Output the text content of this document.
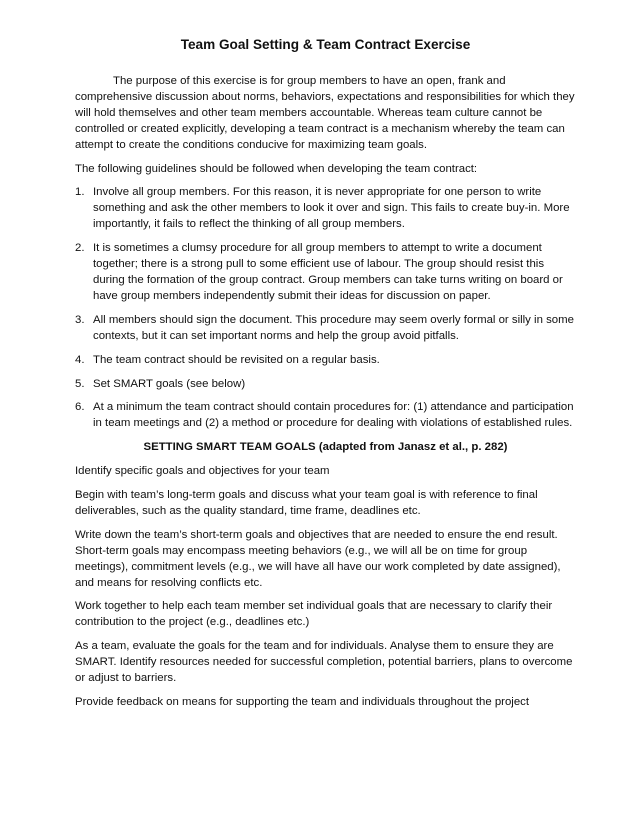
Team Goal Setting & Team Contract Exercise

The purpose of this exercise is for group members to have an open, frank and comprehensive discussion about norms, behaviors, expectations and responsibilities for which they will hold themselves and other team members accountable. Whereas team culture cannot be controlled or created explicitly, developing a team contract is a mechanism whereby the team can attempt to create the conditions conducive for maximizing team goals.

The following guidelines should be followed when developing the team contract:

1. Involve all group members. For this reason, it is never appropriate for one person to write something and ask the other members to look it over and sign. This fails to create buy-in. More importantly, it fails to reflect the thinking of all group members.
2. It is sometimes a clumsy procedure for all group members to attempt to write a document together; there is a strong pull to some efficient use of labour. The group should resist this during the formation of the group contract. Group members can take turns writing on board or have group members independently submit their ideas for discussion on paper.
3. All members should sign the document. This procedure may seem overly formal or silly in some contexts, but it can set important norms and help the group avoid pitfalls.
4. The team contract should be revisited on a regular basis.
5. Set SMART goals (see below)
6. At a minimum the team contract should contain procedures for: (1) attendance and participation in team meetings and (2) a method or procedure for dealing with violations of established rules.
SETTING SMART TEAM GOALS (adapted from Janasz et al., p. 282)

Identify specific goals and objectives for your team

Begin with team’s long-term goals and discuss what your team goal is with reference to final deliverables, such as the quality standard, time frame, deadlines etc.

Write down the team’s short-term goals and objectives that are needed to ensure the end result. Short-term goals may encompass meeting behaviors (e.g., we will all be on time for group meetings), commitment levels (e.g., we will have all have our work completed by date assigned), and means for resolving conflicts etc.

Work together to help each team member set individual goals that are necessary to clarify their contribution to the project (e.g., deadlines etc.)

As a team, evaluate the goals for the team and for individuals. Analyse them to ensure they are SMART. Identify resources needed for successful completion, potential barriers, plans to overcome or adjust to barriers.

Provide feedback on means for supporting the team and individuals throughout the project
